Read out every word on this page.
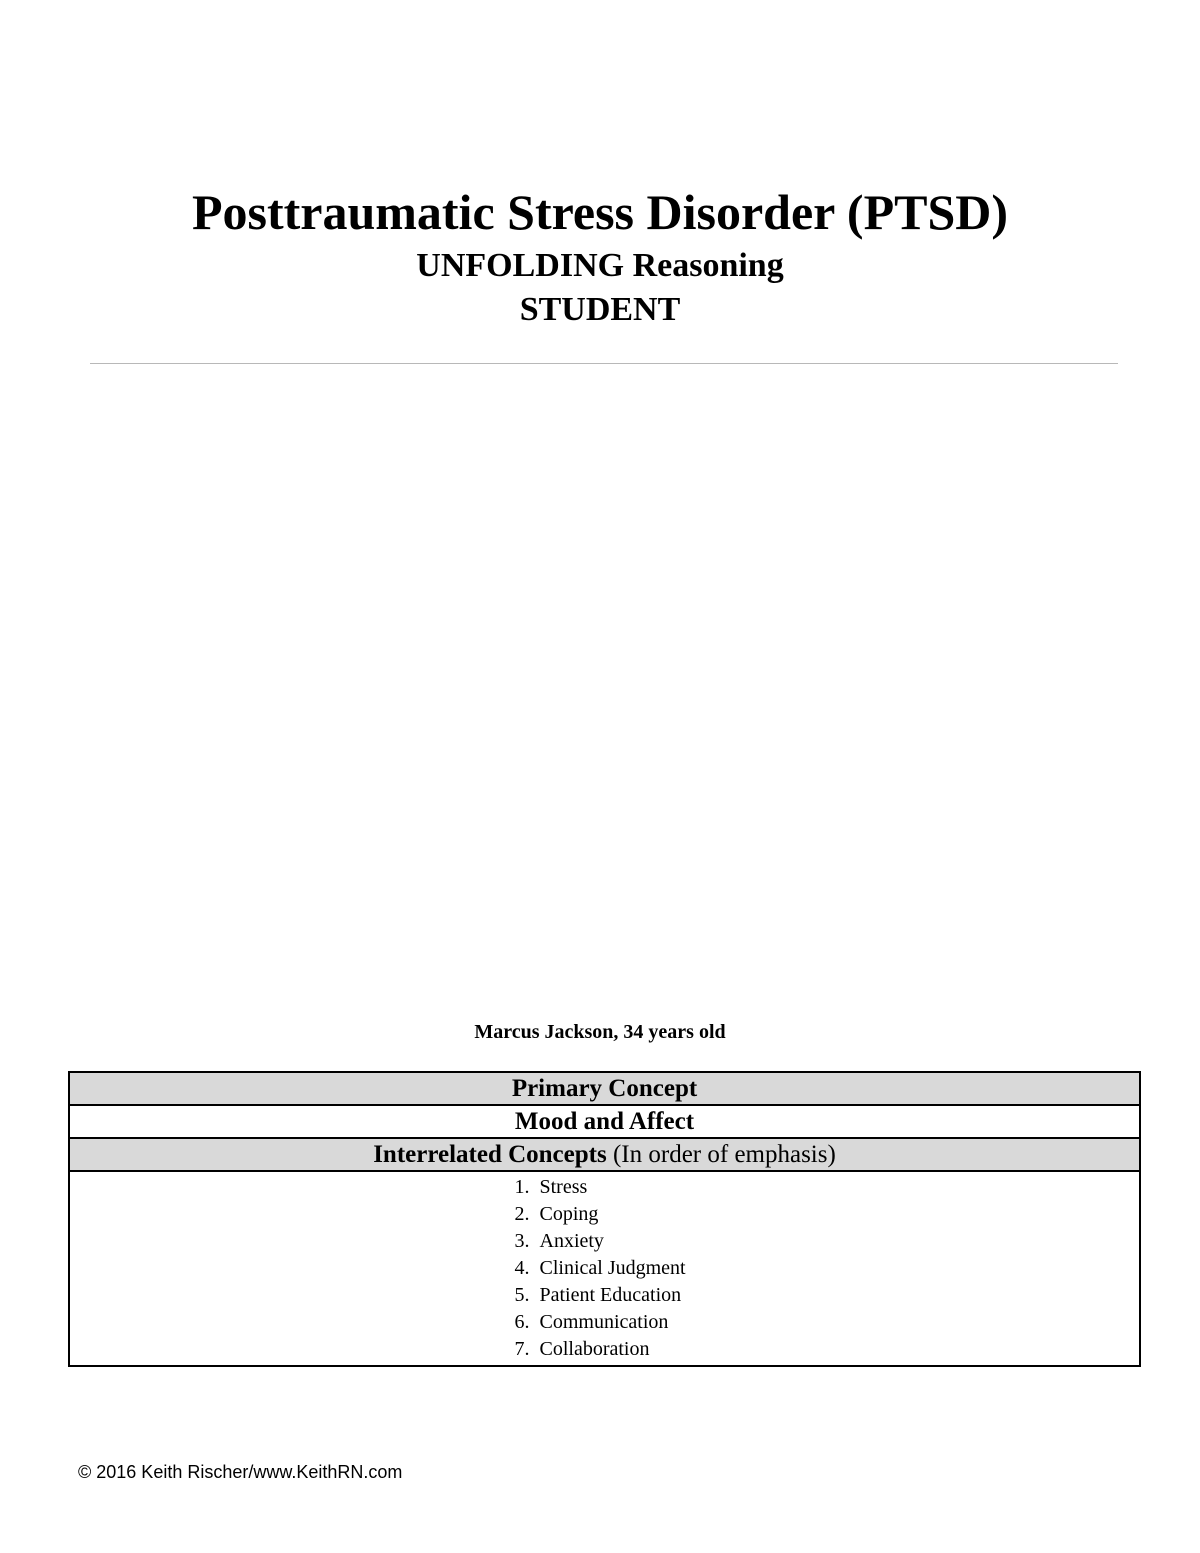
Posttraumatic Stress Disorder (PTSD)
UNFOLDING Reasoning
STUDENT
Marcus Jackson, 34 years old
Primary Concept
Mood and Affect
Interrelated Concepts (In order of emphasis)

1. Stress
2. Coping
3. Anxiety
4. Clinical Judgment
5. Patient Education
6. Communication
7. Collaboration
© 2016 Keith Rischer/www.KeithRN.com
